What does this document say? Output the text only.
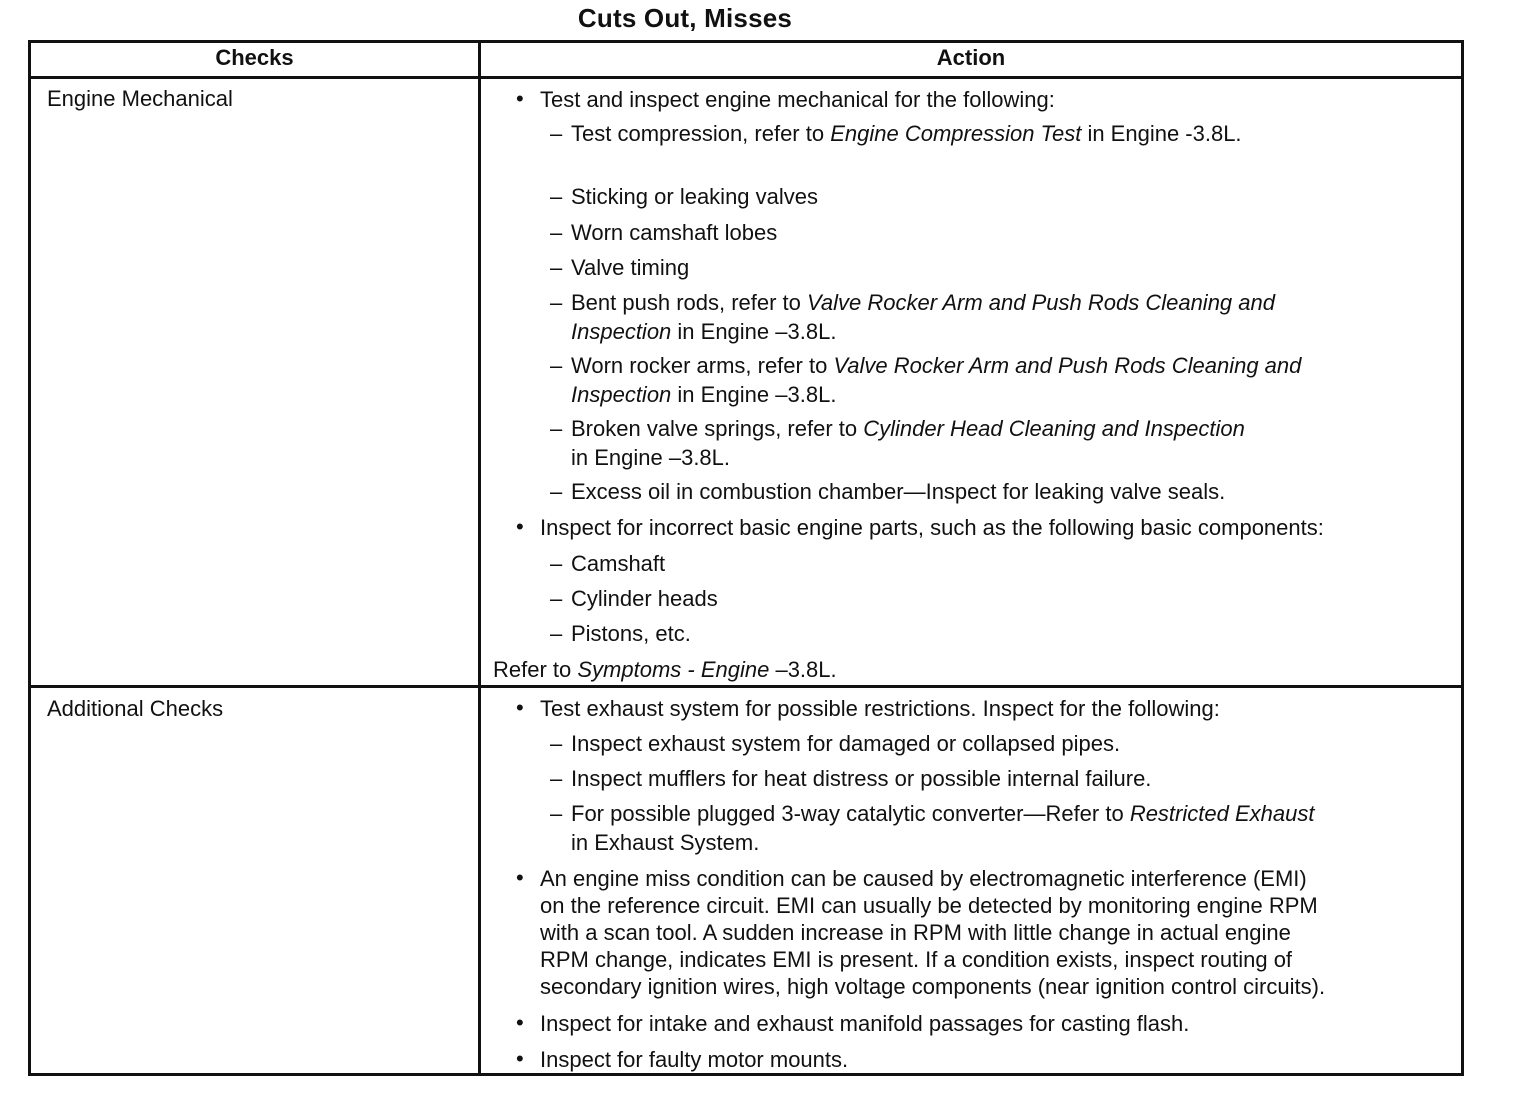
Cuts Out, Misses
Checks	Action
Engine Mechanical	• Test and inspect engine mechanical for the following:
– Test compression, refer to Engine Compression Test in Engine -3.8L.
– Sticking or leaking valves
– Worn camshaft lobes
– Valve timing
– Bent push rods, refer to Valve Rocker Arm and Push Rods Cleaning and
Inspection in Engine –3.8L.
– Worn rocker arms, refer to Valve Rocker Arm and Push Rods Cleaning and
Inspection in Engine –3.8L.
– Broken valve springs, refer to Cylinder Head Cleaning and Inspection
in Engine –3.8L.
– Excess oil in combustion chamber—Inspect for leaking valve seals.
• Inspect for incorrect basic engine parts, such as the following basic components:
– Camshaft
– Cylinder heads
– Pistons, etc.
Refer to Symptoms - Engine –3.8L.
Additional Checks	• Test exhaust system for possible restrictions. Inspect for the following:
– Inspect exhaust system for damaged or collapsed pipes.
– Inspect mufflers for heat distress or possible internal failure.
– For possible plugged 3-way catalytic converter—Refer to Restricted Exhaust
in Exhaust System.
• An engine miss condition can be caused by electromagnetic interference (EMI)
on the reference circuit. EMI can usually be detected by monitoring engine RPM
with a scan tool. A sudden increase in RPM with little change in actual engine
RPM change, indicates EMI is present. If a condition exists, inspect routing of
secondary ignition wires, high voltage components (near ignition control circuits).
• Inspect for intake and exhaust manifold passages for casting flash.
• Inspect for faulty motor mounts.
